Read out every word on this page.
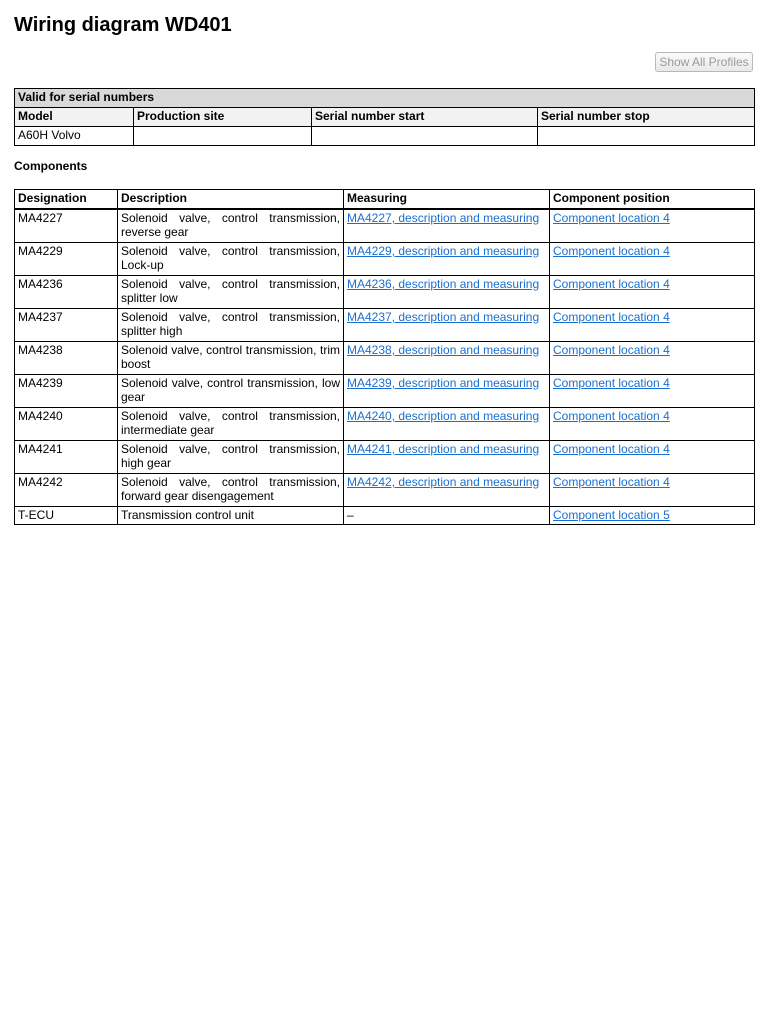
Wiring diagram WD401
Show All Profiles
Valid for serial numbers			
Model	Production site	Serial number start	Serial number stop
A60H Volvo			
Components
Designation	Description	Measuring	Component position
MA4227	Solenoid valve, control transmission, reverse gear	MA4227, description and measuring	Component location 4
MA4229	Solenoid valve, control transmission, Lock-up	MA4229, description and measuring	Component location 4
MA4236	Solenoid valve, control transmission, splitter low	MA4236, description and measuring	Component location 4
MA4237	Solenoid valve, control transmission, splitter high	MA4237, description and measuring	Component location 4
MA4238	Solenoid valve, control transmission, trim boost	MA4238, description and measuring	Component location 4
MA4239	Solenoid valve, control transmission, low gear	MA4239, description and measuring	Component location 4
MA4240	Solenoid valve, control transmission, intermediate gear	MA4240, description and measuring	Component location 4
MA4241	Solenoid valve, control transmission, high gear	MA4241, description and measuring	Component location 4
MA4242	Solenoid valve, control transmission, forward gear disengagement	MA4242, description and measuring	Component location 4
T-ECU	Transmission control unit	–	Component location 5
